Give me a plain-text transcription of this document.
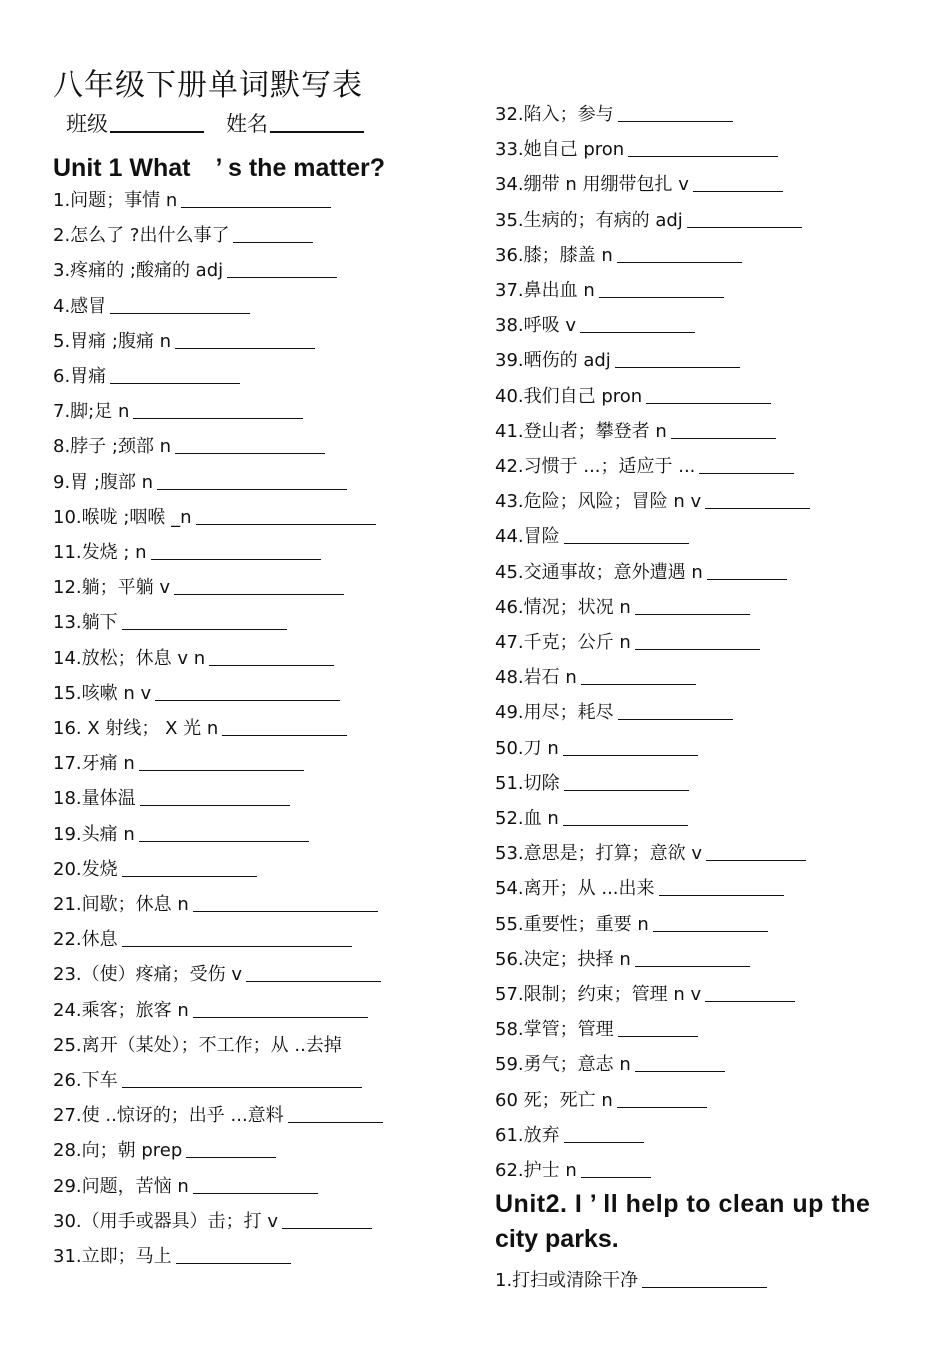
八年级下册单词默写表
班级	姓名
Unit 1 What　’ s the matter?
1.问题；事情 n
2.怎么了 ?出什么事了
3.疼痛的 ;酸痛的 adj
4.感冒
5.胃痛 ;腹痛 n
6.胃痛
7.脚;足 n
8.脖子 ;颈部 n
9.胃 ;腹部 n
10.喉咙 ;咽喉 _n
11.发烧 ; n
12.躺；平躺 v
13.躺下
14.放松；休息 v n
15.咳嗽 n v
16. X 射线； X 光 n
17.牙痛 n
18.量体温
19.头痛 n
20.发烧
21.间歇；休息 n
22.休息
23.（使）疼痛；受伤 v
24.乘客；旅客 n
25.离开（某处）；不工作；从 ..去掉
26.下车
27.使 ..惊讶的；出乎 ...意料
28.向；朝 prep
29.问题，苦恼 n
30.（用手或器具）击；打 v
31.立即；马上
32.陷入；参与
33.她自己 pron
34.绷带 n 用绷带包扎 v
35.生病的；有病的 adj
36.膝；膝盖 n
37.鼻出血 n
38.呼吸 v
39.晒伤的 adj
40.我们自己 pron
41.登山者；攀登者 n
42.习惯于 ...；适应于 ...
43.危险；风险；冒险 n v
44.冒险
45.交通事故；意外遭遇 n
46.情况；状况 n
47.千克；公斤 n
48.岩石 n
49.用尽；耗尽
50.刀 n
51.切除
52.血 n
53.意思是；打算；意欲 v
54.离开；从 ...出来
55.重要性；重要 n
56.决定；抉择 n
57.限制；约束；管理 n v
58.掌管；管理
59.勇气；意志 n
60 死；死亡 n
61.放弃
62.护士 n
Unit2. I ’ ll help to clean up the
city parks.
1.打扫或清除干净
